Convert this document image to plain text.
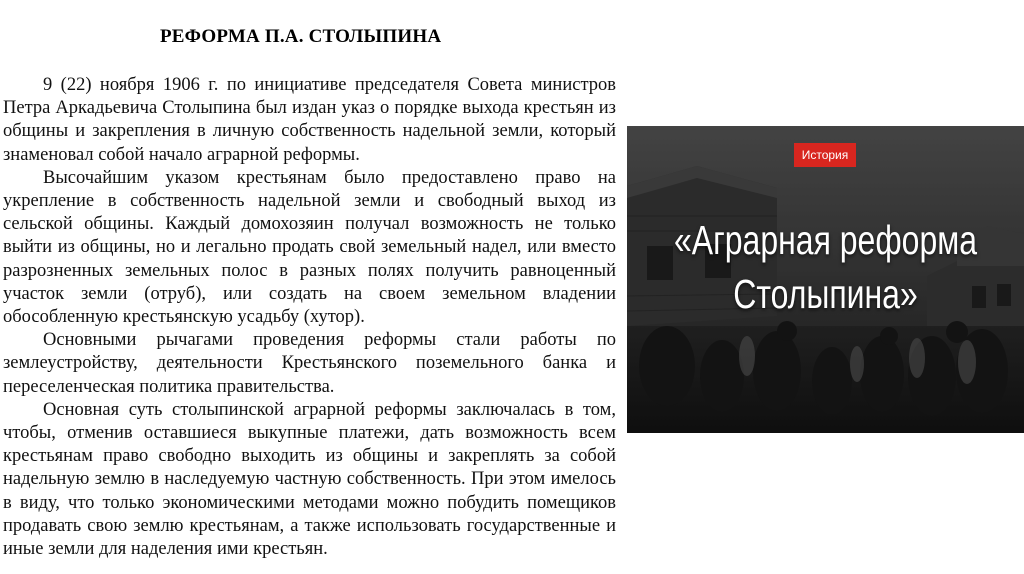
РЕФОРМА П.А. СТОЛЫПИНА

9 (22) ноября 1906 г. по инициативе председателя Совета министров Петра Аркадьевича Столыпина был издан указ о порядке выхода крестьян из общины и закрепления в личную собственность надельной земли, который знаменовал собой начало аграрной реформы.

Высочайшим указом крестьянам было предоставлено право на укрепление в собственность надельной земли и свободный выход из сельской общины. Каждый домохозяин получал возможность не только выйти из общины, но и легально продать свой земельный надел, или вместо разрозненных земельных полос в разных полях получить равноценный участок земли (отруб), или создать на своем земельном владении обособленную крестьянскую усадьбу (хутор).

Основными рычагами проведения реформы стали работы по землеустройству, деятельности Крестьянского поземельного банка и переселенческая политика правительства.

Основная суть столыпинской аграрной реформы заключалась в том, чтобы, отменив оставшиеся выкупные платежи, дать возможность всем крестьянам право свободно выходить из общины и закреплять за собой надельную землю в наследуемую частную собственность. При этом имелось в виду, что только экономическими методами можно побудить помещиков продавать свою землю крестьянам, а также использовать государственные и иные земли для наделения ими крестьян.

История
«Аграрная реформа
Столыпина»
